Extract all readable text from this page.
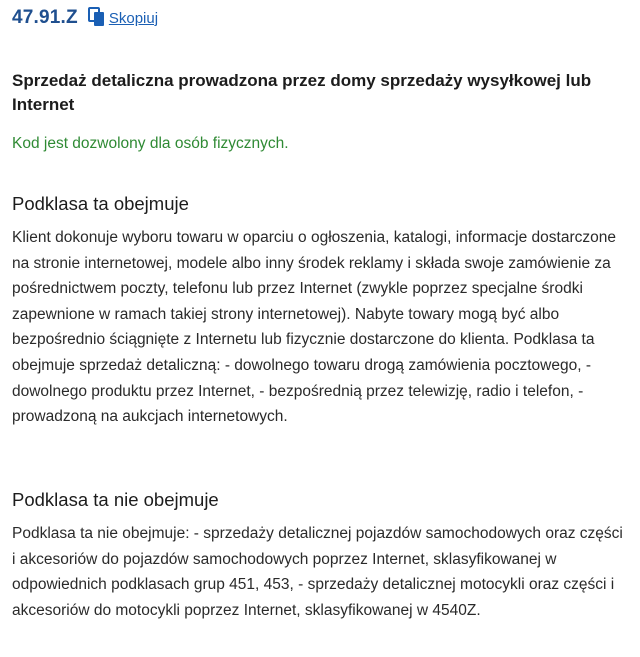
47.91.Z Skopiuj
Sprzedaż detaliczna prowadzona przez domy sprzedaży wysyłkowej lub Internet
Kod jest dozwolony dla osób fizycznych.
Podklasa ta obejmuje
Klient dokonuje wyboru towaru w oparciu o ogłoszenia, katalogi, informacje dostarczone na stronie internetowej, modele albo inny środek reklamy i składa swoje zamówienie za pośrednictwem poczty, telefonu lub przez Internet (zwykle poprzez specjalne środki zapewnione w ramach takiej strony internetowej). Nabyte towary mogą być albo bezpośrednio ściągnięte z Internetu lub fizycznie dostarczone do klienta. Podklasa ta obejmuje sprzedaż detaliczną: - dowolnego towaru drogą zamówienia pocztowego, - dowolnego produktu przez Internet, - bezpośrednią przez telewizję, radio i telefon, - prowadzoną na aukcjach internetowych.
Podklasa ta nie obejmuje
Podklasa ta nie obejmuje: - sprzedaży detalicznej pojazdów samochodowych oraz części i akcesoriów do pojazdów samochodowych poprzez Internet, sklasyfikowanej w odpowiednich podklasach grup 451, 453, - sprzedaży detalicznej motocykli oraz części i akcesoriów do motocykli poprzez Internet, sklasyfikowanej w 4540Z.
